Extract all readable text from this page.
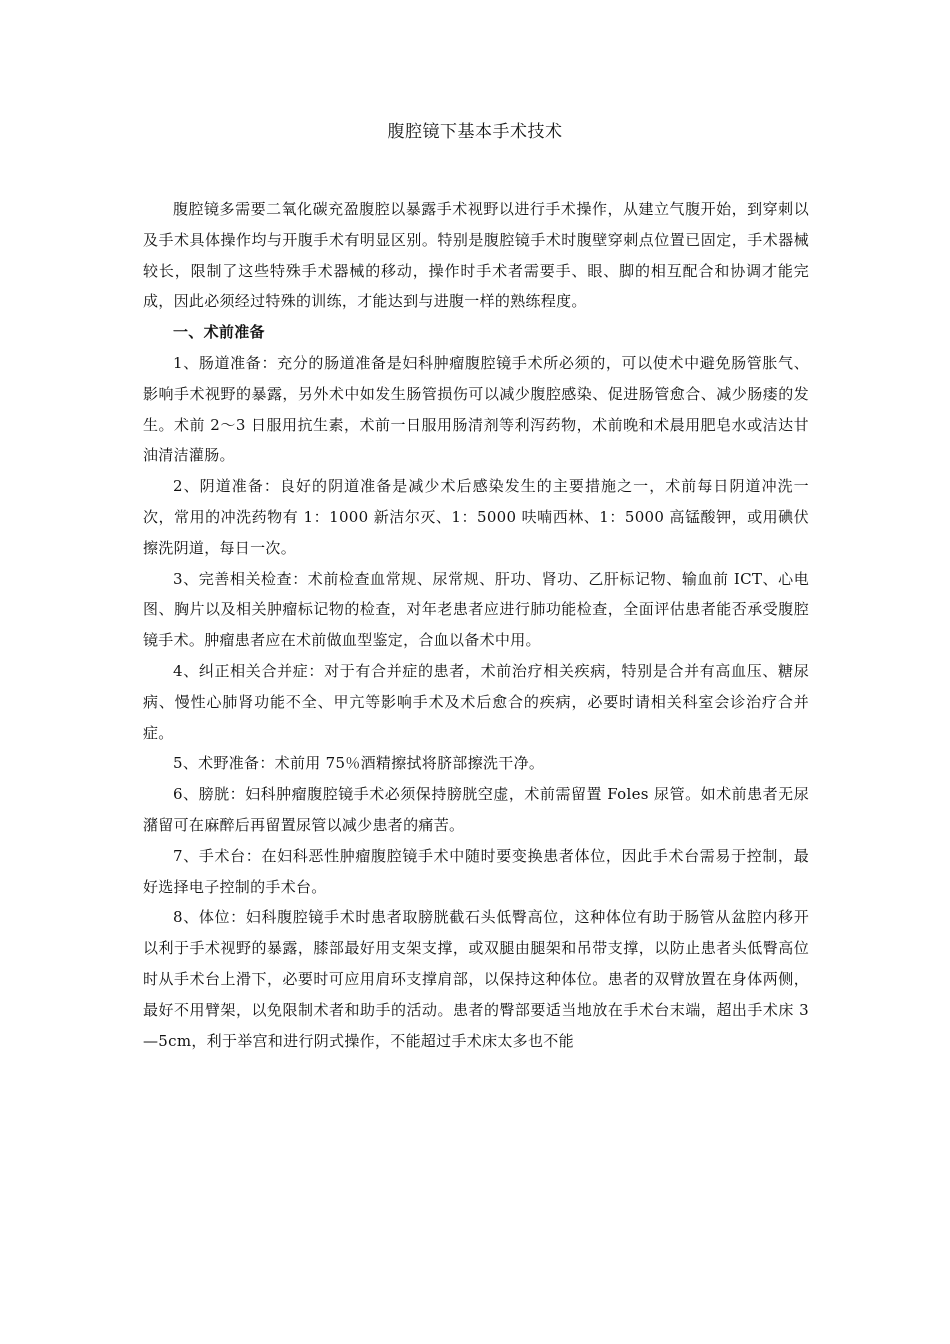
腹腔镜下基本手术技术

腹腔镜多需要二氧化碳充盈腹腔以暴露手术视野以进行手术操作，从建立气腹开始，到穿刺以及手术具体操作均与开腹手术有明显区别。特别是腹腔镜手术时腹壁穿刺点位置已固定，手术器械较长，限制了这些特殊手术器械的移动，操作时手术者需要手、眼、脚的相互配合和协调才能完成，因此必须经过特殊的训练，才能达到与进腹一样的熟练程度。

一、术前准备

1、肠道准备：充分的肠道准备是妇科肿瘤腹腔镜手术所必须的，可以使术中避免肠管胀气、影响手术视野的暴露，另外术中如发生肠管损伤可以减少腹腔感染、促进肠管愈合、减少肠瘘的发生。术前 2～3 日服用抗生素，术前一日服用肠清剂等利泻药物，术前晚和术晨用肥皂水或洁达甘油清洁灌肠。

2、阴道准备：良好的阴道准备是减少术后感染发生的主要措施之一，术前每日阴道冲洗一次，常用的冲洗药物有 1：1000 新洁尔灭、1：5000 呋喃西林、1：5000 高锰酸钾，或用碘伏擦洗阴道，每日一次。

3、完善相关检查：术前检查血常规、尿常规、肝功、肾功、乙肝标记物、输血前 ICT、心电图、胸片以及相关肿瘤标记物的检查，对年老患者应进行肺功能检查，全面评估患者能否承受腹腔镜手术。肿瘤患者应在术前做血型鉴定，合血以备术中用。

4、纠正相关合并症：对于有合并症的患者，术前治疗相关疾病，特别是合并有高血压、糖尿病、慢性心肺肾功能不全、甲亢等影响手术及术后愈合的疾病，必要时请相关科室会诊治疗合并症。

5、术野准备：术前用 75％酒精擦拭将脐部擦洗干净。

6、膀胱：妇科肿瘤腹腔镜手术必须保持膀胱空虚，术前需留置 Foles 尿管。如术前患者无尿潴留可在麻醉后再留置尿管以减少患者的痛苦。

7、手术台：在妇科恶性肿瘤腹腔镜手术中随时要变换患者体位，因此手术台需易于控制，最好选择电子控制的手术台。

8、体位：妇科腹腔镜手术时患者取膀胱截石头低臀高位，这种体位有助于肠管从盆腔内移开以利于手术视野的暴露，膝部最好用支架支撑，或双腿由腿架和吊带支撑，以防止患者头低臀高位时从手术台上滑下，必要时可应用肩环支撑肩部，以保持这种体位。患者的双臂放置在身体两侧，最好不用臂架，以免限制术者和助手的活动。患者的臀部要适当地放在手术台末端，超出手术床 3—5cm，利于举宫和进行阴式操作，不能超过手术床太多也不能
